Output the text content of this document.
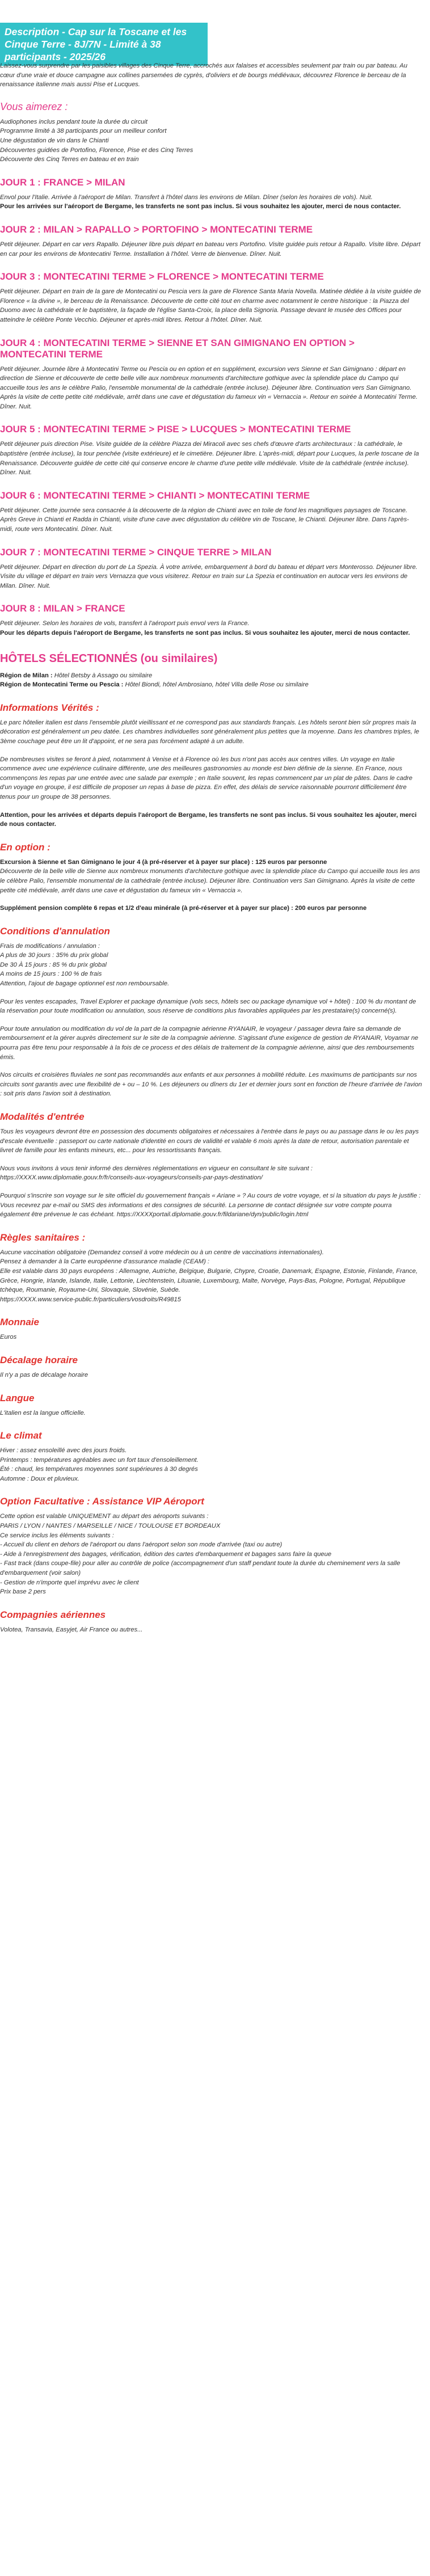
Description - Cap sur la Toscane et les Cinque Terre - 8J/7N - Limité à 38 participants - 2025/26

Laissez-vous surprendre par les paisibles villages des Cinque Terre, accrochés aux falaises et accessibles seulement par train ou par bateau. Au cœur d'une vraie et douce campagne aux collines parsemées de cyprès, d'oliviers et de bourgs médiévaux, découvrez Florence le berceau de la renaissance italienne mais aussi Pise et Lucques.

Vous aimerez :

Audiophones inclus pendant toute la durée du circuit
Programme limité à 38 participants pour un meilleur confort
Une dégustation de vin dans le Chianti
Découvertes guidées de Portofino, Florence, Pise et des Cinq Terres
Découverte des Cinq Terres en bateau et en train

JOUR 1 : FRANCE > MILAN

Envol pour l'Italie. Arrivée à l'aéroport de Milan. Transfert à l'hôtel dans les environs de Milan. Dîner (selon les horaires de vols). Nuit.
Pour les arrivées sur l'aéroport de Bergame, les transferts ne sont pas inclus. Si vous souhaitez les ajouter, merci de nous contacter.

JOUR 2 : MILAN > RAPALLO > PORTOFINO > MONTECATINI TERME

Petit déjeuner. Départ en car vers Rapallo. Déjeuner libre puis départ en bateau vers Portofino. Visite guidée puis retour à Rapallo. Visite libre. Départ en car pour les environs de Montecatini Terme. Installation à l'hôtel. Verre de bienvenue. Dîner. Nuit.

JOUR 3 : MONTECATINI TERME > FLORENCE > MONTECATINI TERME

Petit déjeuner. Départ en train de la gare de Montecatini ou Pescia vers la gare de Florence Santa Maria Novella. Matinée dédiée à la visite guidée de Florence « la divine », le berceau de la Renaissance. Découverte de cette cité tout en charme avec notamment le centre historique : la Piazza del Duomo avec la cathédrale et le baptistère, la façade de l'église Santa-Croix, la place della Signoria. Passage devant le musée des Offices pour atteindre le célèbre Ponte Vecchio. Déjeuner et après-midi libres. Retour à l'hôtel. Dîner. Nuit.

JOUR 4 : MONTECATINI TERME > SIENNE ET SAN GIMIGNANO EN OPTION > MONTECATINI TERME

Petit déjeuner. Journée libre à Montecatini Terme ou Pescia ou en option et en supplément, excursion vers Sienne et San Gimignano : départ en direction de Sienne et découverte de cette belle ville aux nombreux monuments d'architecture gothique avec la splendide place du Campo qui accueille tous les ans le célèbre Palio, l'ensemble monumental de la cathédrale (entrée incluse). Déjeuner libre. Continuation vers San Gimignano. Après la visite de cette petite cité médiévale, arrêt dans une cave et dégustation du fameux vin « Vernaccia ». Retour en soirée à Montecatini Terme. Dîner. Nuit.

JOUR 5 : MONTECATINI TERME > PISE > LUCQUES > MONTECATINI TERME

Petit déjeuner puis direction Pise. Visite guidée de la célèbre Piazza dei Miracoli avec ses chefs d'œuvre d'arts architecturaux : la cathédrale, le baptistère (entrée incluse), la tour penchée (visite extérieure) et le cimetière. Déjeuner libre. L'après-midi, départ pour Lucques, la perle toscane de la Renaissance. Découverte guidée de cette cité qui conserve encore le charme d'une petite ville médiévale. Visite de la cathédrale (entrée incluse). Dîner. Nuit.

JOUR 6 : MONTECATINI TERME > CHIANTI > MONTECATINI TERME

Petit déjeuner. Cette journée sera consacrée à la découverte de la région de Chianti avec en toile de fond les magnifiques paysages de Toscane. Après Greve in Chianti et Radda in Chianti, visite d'une cave avec dégustation du célèbre vin de Toscane, le Chianti. Déjeuner libre. Dans l'après-midi, route vers Montecatini. Dîner. Nuit.

JOUR 7 : MONTECATINI TERME > CINQUE TERRE > MILAN

Petit déjeuner. Départ en direction du port de La Spezia. À votre arrivée, embarquement à bord du bateau et départ vers Monterosso. Déjeuner libre. Visite du village et départ en train vers Vernazza que vous visiterez. Retour en train sur La Spezia et continuation en autocar vers les environs de Milan. Dîner. Nuit.

JOUR 8 : MILAN > FRANCE

Petit déjeuner. Selon les horaires de vols, transfert à l'aéroport puis envol vers la France.
Pour les départs depuis l'aéroport de Bergame, les transferts ne sont pas inclus. Si vous souhaitez les ajouter, merci de nous contacter.

HÔTELS SÉLECTIONNÉS (ou similaires)

Région de Milan : Hôtel Betsby à Assago ou similaire
Région de Montecatini Terme ou Pescia : Hôtel Biondi, hôtel Ambrosiano, hôtel Villa delle Rose ou similaire

Informations Vérités :

Le parc hôtelier italien est dans l'ensemble plutôt vieillissant et ne correspond pas aux standards français. Les hôtels seront bien sûr propres mais la décoration est généralement un peu datée. Les chambres individuelles sont généralement plus petites que la moyenne. Dans les chambres triples, le 3ème couchage peut être un lit d'appoint, et ne sera pas forcément adapté à un adulte.

De nombreuses visites se feront à pied, notamment à Venise et à Florence où les bus n'ont pas accès aux centres villes. Un voyage en Italie commence avec une expérience culinaire différente, une des meilleures gastronomies au monde est bien définie de la sienne. En France, nous commençons les repas par une entrée avec une salade par exemple ; en Italie souvent, les repas commencent par un plat de pâtes. Dans le cadre d'un voyage en groupe, il est difficile de proposer un repas à base de pizza. En effet, des délais de service raisonnable pourront difficilement être tenus pour un groupe de 38 personnes.

Attention, pour les arrivées et départs depuis l'aéroport de Bergame, les transferts ne sont pas inclus. Si vous souhaitez les ajouter, merci de nous contacter.

En option :

Excursion à Sienne et San Gimignano le jour 4 (à pré-réserver et à payer sur place) : 125 euros par personne
Découverte de la belle ville de Sienne aux nombreux monuments d'architecture gothique avec la splendide place du Campo qui accueille tous les ans le célèbre Palio, l'ensemble monumental de la cathédrale (entrée incluse). Déjeuner libre. Continuation vers San Gimignano. Après la visite de cette petite cité médiévale, arrêt dans une cave et dégustation du fameux vin « Vernaccia ».

Supplément pension complète 6 repas et 1/2 d'eau minérale (à pré-réserver et à payer sur place) : 200 euros par personne

Conditions d'annulation

Frais de modifications / annulation :
A plus de 30 jours : 35% du prix global
De 30 À 15 jours : 85 % du prix global
A moins de 15 jours : 100 % de frais
Attention, l'ajout de bagage optionnel est non remboursable.

Pour les ventes escapades, Travel Explorer et package dynamique (vols secs, hôtels sec ou package dynamique vol + hôtel) : 100 % du montant de la réservation pour toute modification ou annulation, sous réserve de conditions plus favorables appliquées par les prestataire(s) concerné(s).

Pour toute annulation ou modification du vol de la part de la compagnie aérienne RYANAIR, le voyageur / passager devra faire sa demande de remboursement et la gérer auprès directement sur le site de la compagnie aérienne. S'agissant d'une exigence de gestion de RYANAIR, Voyamar ne pourra pas être tenu pour responsable à la fois de ce process et des délais de traitement de la compagnie aérienne, ainsi que des remboursements émis.

Nos circuits et croisières fluviales ne sont pas recommandés aux enfants et aux personnes à mobilité réduite. Les maximums de participants sur nos circuits sont garantis avec une flexibilité de + ou – 10 %. Les déjeuners ou dîners du 1er et dernier jours sont en fonction de l'heure d'arrivée de l'avion : soit pris dans l'avion soit à destination.

Modalités d'entrée

Tous les voyageurs devront être en possession des documents obligatoires et nécessaires à l'entrée dans le pays ou au passage dans le ou les pays d'escale éventuelle : passeport ou carte nationale d'identité en cours de validité et valable 6 mois après la date de retour, autorisation parentale et livret de famille pour les enfants mineurs, etc... pour les ressortissants français.

Nous vous invitons à vous tenir informé des dernières réglementations en vigueur en consultant le site suivant : https://XXXX.www.diplomatie.gouv.fr/fr/conseils-aux-voyageurs/conseils-par-pays-destination/

Pourquoi s'inscrire son voyage sur le site officiel du gouvernement français « Ariane » ? Au cours de votre voyage, et si la situation du pays le justifie : Vous recevrez par e-mail ou SMS des informations et des consignes de sécurité. La personne de contact désignée sur votre compte pourra également être prévenue le cas échéant. https://XXXXportail.diplomatie.gouv.fr/fildariane/dyn/public/login.html

Règles sanitaires :

Aucune vaccination obligatoire (Demandez conseil à votre médecin ou à un centre de vaccinations internationales).
Pensez à demander à la Carte européenne d'assurance maladie (CEAM) :
Elle est valable dans 30 pays européens : Allemagne, Autriche, Belgique, Bulgarie, Chypre, Croatie, Danemark, Espagne, Estonie, Finlande, France, Grèce, Hongrie, Irlande, Islande, Italie, Lettonie, Liechtenstein, Lituanie, Luxembourg, Malte, Norvège, Pays-Bas, Pologne, Portugal, République tchèque, Roumanie, Royaume-Uni, Slovaquie, Slovénie, Suède.
https://XXXX.www.service-public.fr/particuliers/vosdroits/R49815

Monnaie

Euros

Décalage horaire

Il n'y a pas de décalage horaire

Langue

L'italien est la langue officielle.

Le climat

Hiver : assez ensoleillé avec des jours froids.
Printemps : températures agréables avec un fort taux d'ensoleillement.
Été : chaud, les températures moyennes sont supérieures à 30 degrés
Automne : Doux et pluvieux.

Option Facultative : Assistance VIP Aéroport

Cette option est valable UNIQUEMENT au départ des aéroports suivants :
PARIS / LYON / NANTES / MARSEILLE / NICE / TOULOUSE ET BORDEAUX
Ce service inclus les éléments suivants :
- Accueil du client en dehors de l'aéroport ou dans l'aéroport selon son mode d'arrivée (taxi ou autre)
- Aide à l'enregistrement des bagages, vérification, édition des cartes d'embarquement et bagages sans faire la queue
- Fast track (dans coupe-file) pour aller au contrôle de police (accompagnement d'un staff pendant toute la durée du cheminement vers la salle d'embarquement (voir salon)
- Gestion de n'importe quel imprévu avec le client
Prix base 2 pers

Compagnies aériennes

Volotea, Transavia, Easyjet, Air France ou autres...
